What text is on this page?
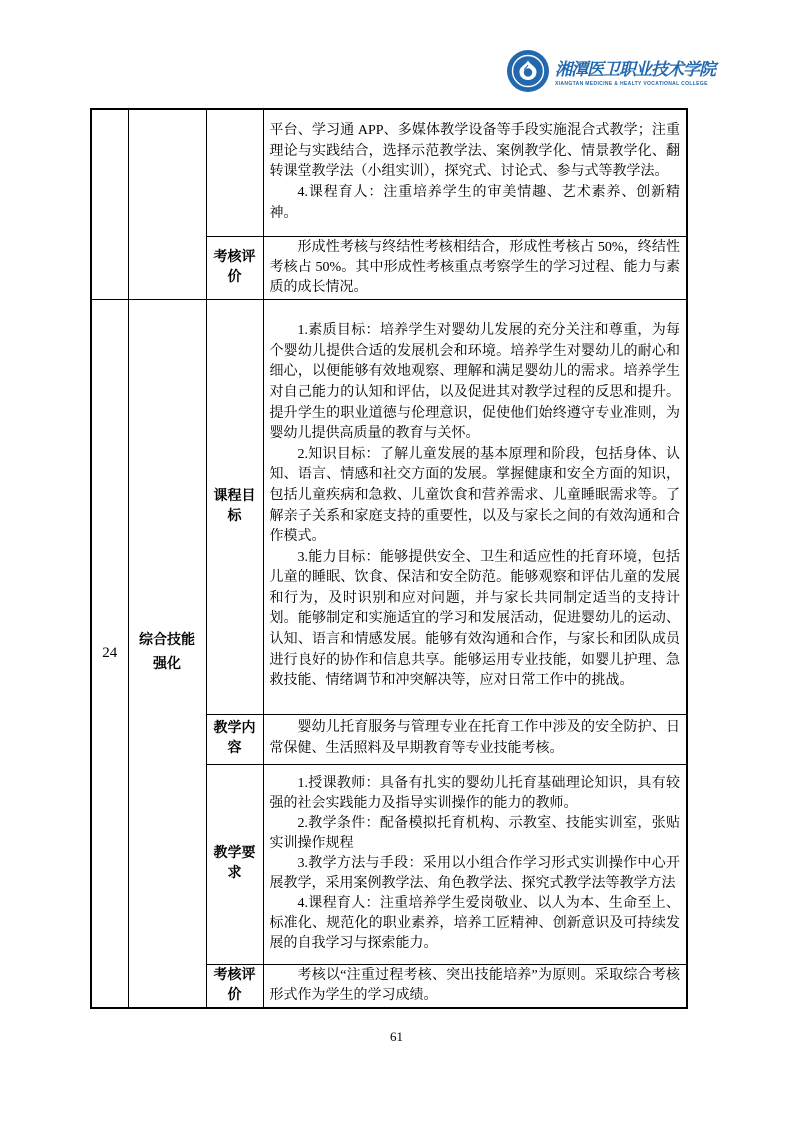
湘潭医卫职业技术学院
XIANGTAN MEDICINE & HEALTY VOCATIONAL COLLEGE

			平台、学习通 APP、多媒体教学设备等手段实施混合式教学；注重理论与实践结合，选择示范教学法、案例教学化、情景教学化、翻转课堂教学法（小组实训），探究式、讨论式、参与式等教学法。

4.课程育人：注重培养学生的审美情趣、艺术素养、创新精神。

		考核评价	形成性考核与终结性考核相结合，形成性考核占 50%，终结性考核占 50%。其中形成性考核重点考察学生的学习过程、能力与素质的成长情况。

24	综合技能强化	课程目标	1.素质目标：培养学生对婴幼儿发展的充分关注和尊重，为每个婴幼儿提供合适的发展机会和环境。培养学生对婴幼儿的耐心和细心，以便能够有效地观察、理解和满足婴幼儿的需求。培养学生对自己能力的认知和评估，以及促进其对教学过程的反思和提升。提升学生的职业道德与伦理意识，促使他们始终遵守专业准则，为婴幼儿提供高质量的教育与关怀。

2.知识目标：了解儿童发展的基本原理和阶段，包括身体、认知、语言、情感和社交方面的发展。掌握健康和安全方面的知识，包括儿童疾病和急救、儿童饮食和营养需求、儿童睡眠需求等。了解亲子关系和家庭支持的重要性，以及与家长之间的有效沟通和合作模式。

3.能力目标：能够提供安全、卫生和适应性的托育环境，包括儿童的睡眠、饮食、保洁和安全防范。能够观察和评估儿童的发展和行为，及时识别和应对问题，并与家长共同制定适当的支持计划。能够制定和实施适宜的学习和发展活动，促进婴幼儿的运动、认知、语言和情感发展。能够有效沟通和合作，与家长和团队成员进行良好的协作和信息共享。能够运用专业技能，如婴儿护理、急救技能、情绪调节和冲突解决等，应对日常工作中的挑战。

		教学内容	婴幼儿托育服务与管理专业在托育工作中涉及的安全防护、日常保健、生活照料及早期教育等专业技能考核。

		教学要求	1.授课教师：具备有扎实的婴幼儿托育基础理论知识，具有较强的社会实践能力及指导实训操作的能力的教师。

2.教学条件：配备模拟托育机构、示教室、技能实训室，张贴实训操作规程

3.教学方法与手段：采用以小组合作学习形式实训操作中心开展教学，采用案例教学法、角色教学法、探究式教学法等教学方法

4.课程育人：注重培养学生爱岗敬业、以人为本、生命至上、标准化、规范化的职业素养，培养工匠精神、创新意识及可持续发展的自我学习与探索能力。

		考核评价	考核以“注重过程考核、突出技能培养”为原则。采取综合考核形式作为学生的学习成绩。

61
